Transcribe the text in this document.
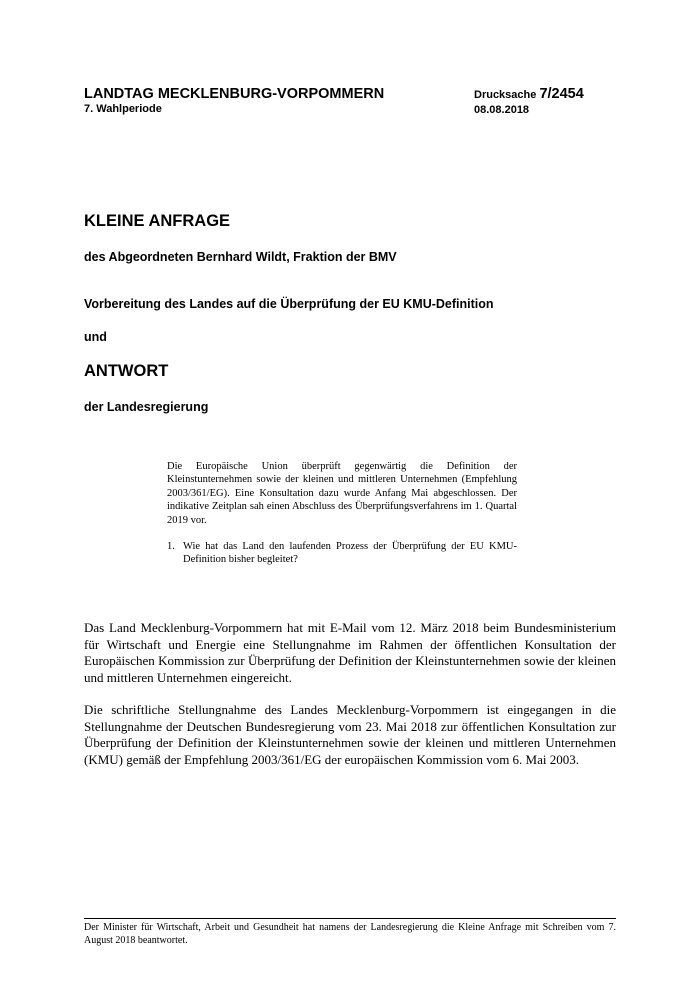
LANDTAG MECKLENBURG-VORPOMMERN
7. Wahlperiode
Drucksache 7/2454
08.08.2018
KLEINE ANFRAGE
des Abgeordneten Bernhard Wildt, Fraktion der BMV
Vorbereitung des Landes auf die Überprüfung der EU KMU-Definition
und
ANTWORT
der Landesregierung

Die Europäische Union überprüft gegenwärtig die Definition der Kleinstunternehmen sowie der kleinen und mittleren Unternehmen (Empfehlung 2003/361/EG). Eine Konsultation dazu wurde Anfang Mai abgeschlossen. Der indikative Zeitplan sah einen Abschluss des Überprüfungsverfahrens im 1. Quartal 2019 vor.

1. Wie hat das Land den laufenden Prozess der Überprüfung der EU KMU-Definition bisher begleitet?

Das Land Mecklenburg-Vorpommern hat mit E-Mail vom 12. März 2018 beim Bundesministerium für Wirtschaft und Energie eine Stellungnahme im Rahmen der öffentlichen Konsultation der Europäischen Kommission zur Überprüfung der Definition der Kleinstunternehmen sowie der kleinen und mittleren Unternehmen eingereicht.

Die schriftliche Stellungnahme des Landes Mecklenburg-Vorpommern ist eingegangen in die Stellungnahme der Deutschen Bundesregierung vom 23. Mai 2018 zur öffentlichen Konsultation zur Überprüfung der Definition der Kleinstunternehmen sowie der kleinen und mittleren Unternehmen (KMU) gemäß der Empfehlung 2003/361/EG der europäischen Kommission vom 6. Mai 2003.

Der Minister für Wirtschaft, Arbeit und Gesundheit hat namens der Landesregierung die Kleine Anfrage mit Schreiben vom 7. August 2018 beantwortet.
